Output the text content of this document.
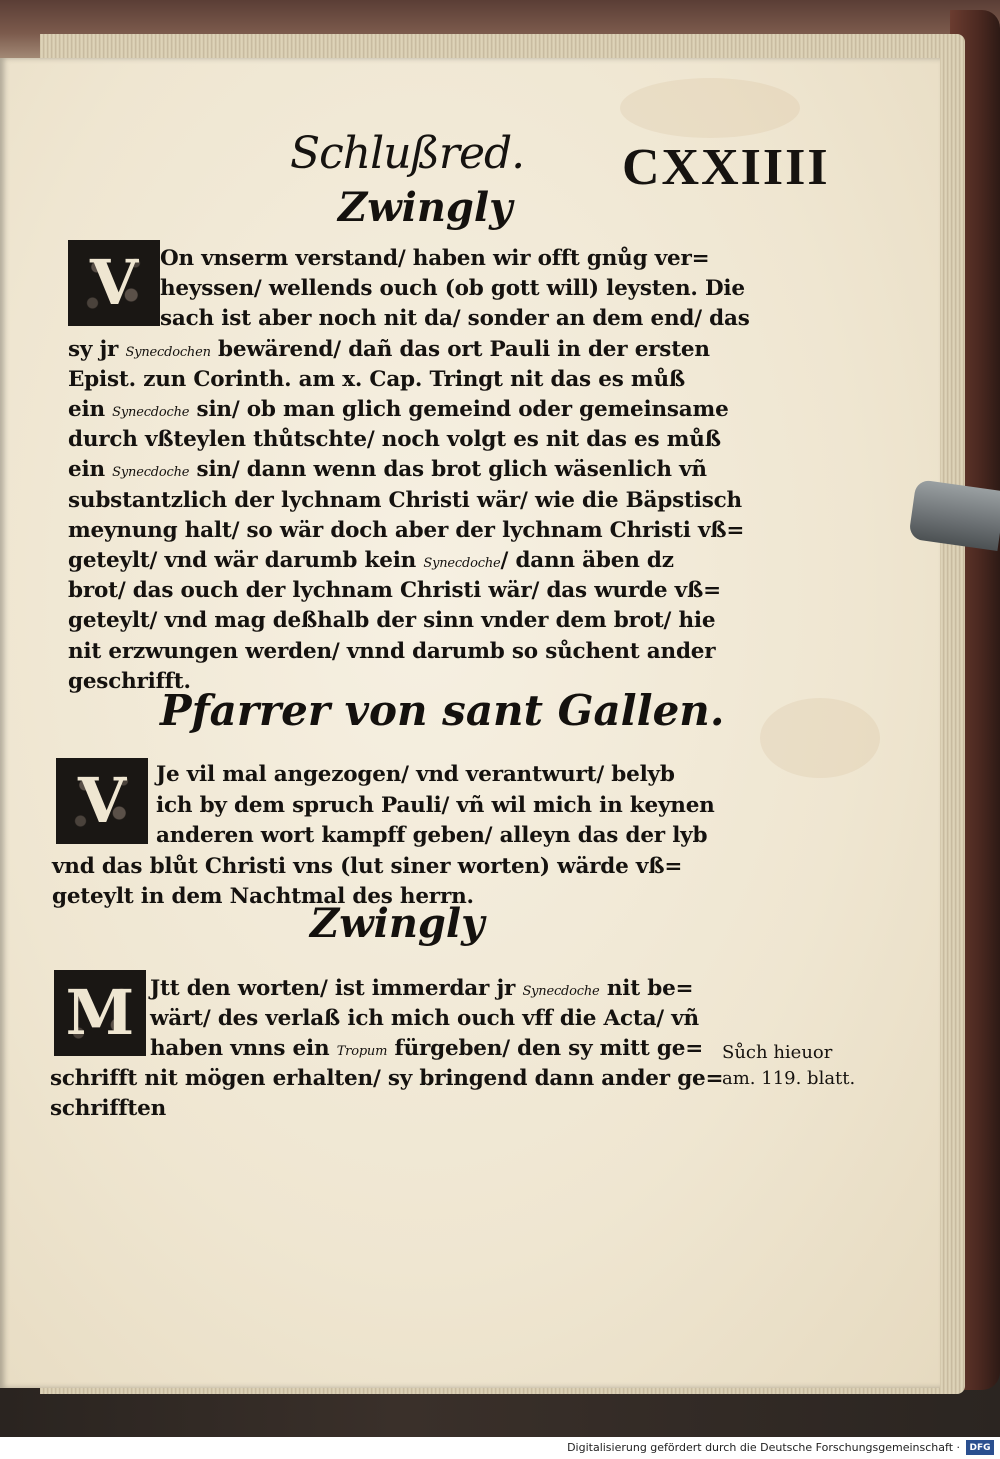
Schlußred. CXXIIII
Zwingly
V On vnserm verstand/ haben wir offt gnůg ver=
heyssen/ wellends ouch (ob gott will) leysten. Die
sach ist aber noch nit da/ sonder an dem end/ das
sy jr Synecdochen bewärend/ dañ das ort Pauli in der ersten
Epist. zun Corinth. am x. Cap. Tringt nit das es můß
ein Synecdoche sin/ ob man glich gemeind oder gemeinsame
durch vßteylen thůtschte/ noch volgt es nit das es můß
ein Synecdoche sin/ dann wenn das brot glich wäsenlich vñ
substantzlich der lychnam Christi wär/ wie die Bäpstisch
meynung halt/ so wär doch aber der lychnam Christi vß=
geteylt/ vnd wär darumb kein Synecdoche/ dann äben dz
brot/ das ouch der lychnam Christi wär/ das wurde vß=
geteylt/ vnd mag deßhalb der sinn vnder dem brot/ hie
nit erzwungen werden/ vnnd darumb so sůchent ander
geschrifft.
Pfarrer von sant Gallen.
V Je vil mal angezogen/ vnd verantwurt/ belyb
ich by dem spruch Pauli/ vñ wil mich in keynen
anderen wort kampff geben/ alleyn das der lyb
vnd das blůt Christi vns (lut siner worten) wärde vß=
geteylt in dem Nachtmal des herrn.
Zwingly
M Jtt den worten/ ist immerdar jr Synecdoche nit be=
wärt/ des verlaß ich mich ouch vff die Acta/ vñ
haben vnns ein Tropum fürgeben/ den sy mitt ge=
schrifft nit mögen erhalten/ sy bringend dann ander ge=
schrifften
Sůch hieuor
am. 119. blatt.
Digitalisierung gefördert durch die Deutsche Forschungsgemeinschaft ·	DFG
